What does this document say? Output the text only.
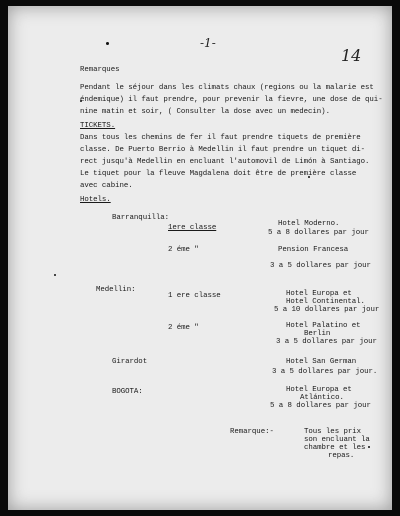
-1-
14
Remarques
Pendant le séjour dans les climats chaux (regions ou la malarie est
éndemique) il faut prendre, pour prevenir la fievre, une dose de qui-
nine matin et soir, ( Consulter la dose avec un medecin).
TICKETS.
Dans tous les chemins de fer il faut prendre tiquets de première
classe. De Puerto Berrio à Medellin il faut prendre un tiquet di-
rect jusqu'à Medellin en encluant l'automovil de Limón à Santiago.
Le tiquet pour la fleuve Magdalena doit être de première classe
avec cabine.
Hotels.
Barranquilla:
1ere classe	Hotel Moderno.
5 a 8 dollares par jour
2 éme "	Pension Francesa
3 a 5 dollares par jour
Medellin:
1 ere classe	Hotel Europa et
Hotel Continental.
5 a 10 dollares par jour
2 éme "	Hotel Palatino et
Berlin
3 a 5 dollares par jour
Girardot	Hotel San German
3 a 5 dollares par jour.
BOGOTA:	Hotel Europa et
Atlántico.
5 a 8 dollares par jour
Remarque:-	Tous les prix
son encluant la
chambre et les
repas.
